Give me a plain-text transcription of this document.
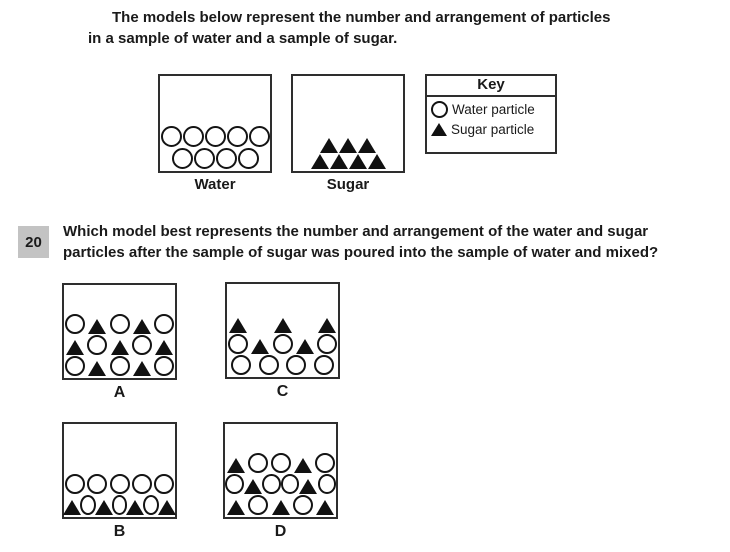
The models below represent the number and arrangement of particles
in a sample of water and a sample of sugar.
Water	Sugar
Key
Water particle
Sugar particle
20
Which model best represents the number and arrangement of the water and sugar
particles after the sample of sugar was poured into the sample of water and mixed?
A	C
B	D
